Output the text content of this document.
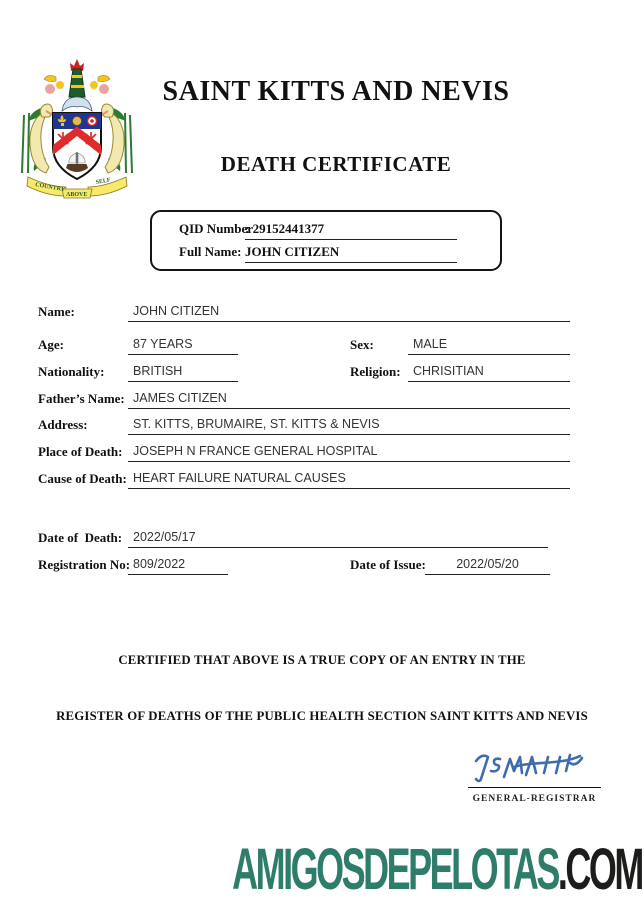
COUNTRY
SELF
ABOVE
SAINT KITTS AND NEVIS
DEATH CERTIFICATE
QID Number
: 29152441377
Full Name: JOHN CITIZEN
Name:	JOHN CITIZEN
Age:	87 YEARS	Sex:	MALE
Nationality:	BRITISH	Religion: CHRISITIAN
Father’s Name: JAMES CITIZEN
Address:	ST. KITTS, BRUMAIRE, ST. KITTS & NEVIS
Place of Death: JOSEPH N FRANCE GENERAL HOSPITAL
Cause of Death: HEART FAILURE NATURAL CAUSES
Date of  Death: 2022/05/17
Registration No: 809/2022	Date of Issue:	2022/05/20
CERTIFIED THAT ABOVE IS A TRUE COPY OF AN ENTRY IN THE
REGISTER OF DEATHS OF THE PUBLIC HEALTH SECTION SAINT KITTS AND NEVIS
GENERAL-REGISTRAR
AMIGOSDEPELOTAS.COM
